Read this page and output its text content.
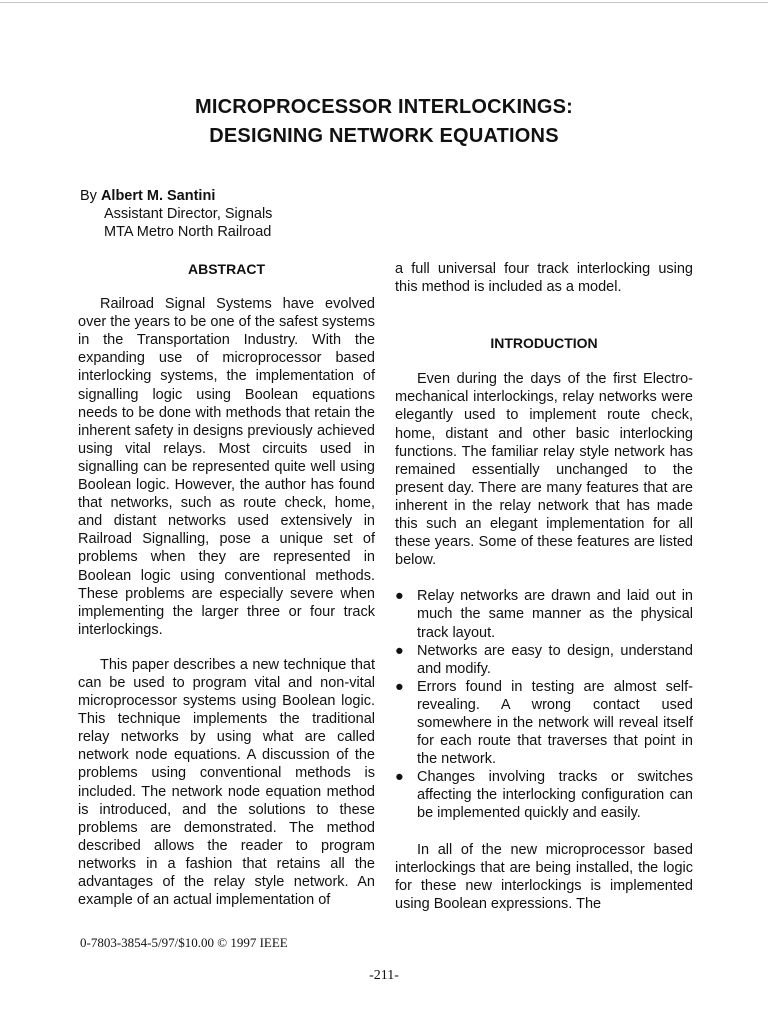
MICROPROCESSOR INTERLOCKINGS:
DESIGNING NETWORK EQUATIONS
By Albert M. Santini
Assistant Director, Signals
MTA Metro North Railroad
ABSTRACT

Railroad Signal Systems have evolved over the years to be one of the safest systems in the Transportation Industry. With the expanding use of microprocessor based interlocking systems, the implementation of signalling logic using Boolean equations needs to be done with methods that retain the inherent safety in designs previously achieved using vital relays. Most circuits used in signalling can be represented quite well using Boolean logic. However, the author has found that networks, such as route check, home, and distant networks used extensively in Railroad Signalling, pose a unique set of problems when they are represented in Boolean logic using conventional methods. These problems are especially severe when implementing the larger three or four track interlockings.

This paper describes a new technique that can be used to program vital and non-vital microprocessor systems using Boolean logic. This technique implements the traditional relay networks by using what are called network node equations. A discussion of the problems using conventional methods is included. The network node equation method is introduced, and the solutions to these problems are demonstrated. The method described allows the reader to program networks in a fashion that retains all the advantages of the relay style network. An example of an actual implementation of

a full universal four track interlocking using this method is included as a model.

INTRODUCTION

Even during the days of the first Electro-mechanical interlockings, relay networks were elegantly used to implement route check, home, distant and other basic interlocking functions. The familiar relay style network has remained essentially unchanged to the present day. There are many features that are inherent in the relay network that has made this such an elegant implementation for all these years. Some of these features are listed below.

● Relay networks are drawn and laid out in much the same manner as the physical track layout.
● Networks are easy to design, understand and modify.
● Errors found in testing are almost self-revealing. A wrong contact used somewhere in the network will reveal itself for each route that traverses that point in the network.
● Changes involving tracks or switches affecting the interlocking configuration can be implemented quickly and easily.

In all of the new microprocessor based interlockings that are being installed, the logic for these new interlockings is implemented using Boolean expressions. The

0-7803-3854-5/97/$10.00 © 1997 IEEE
-211-
